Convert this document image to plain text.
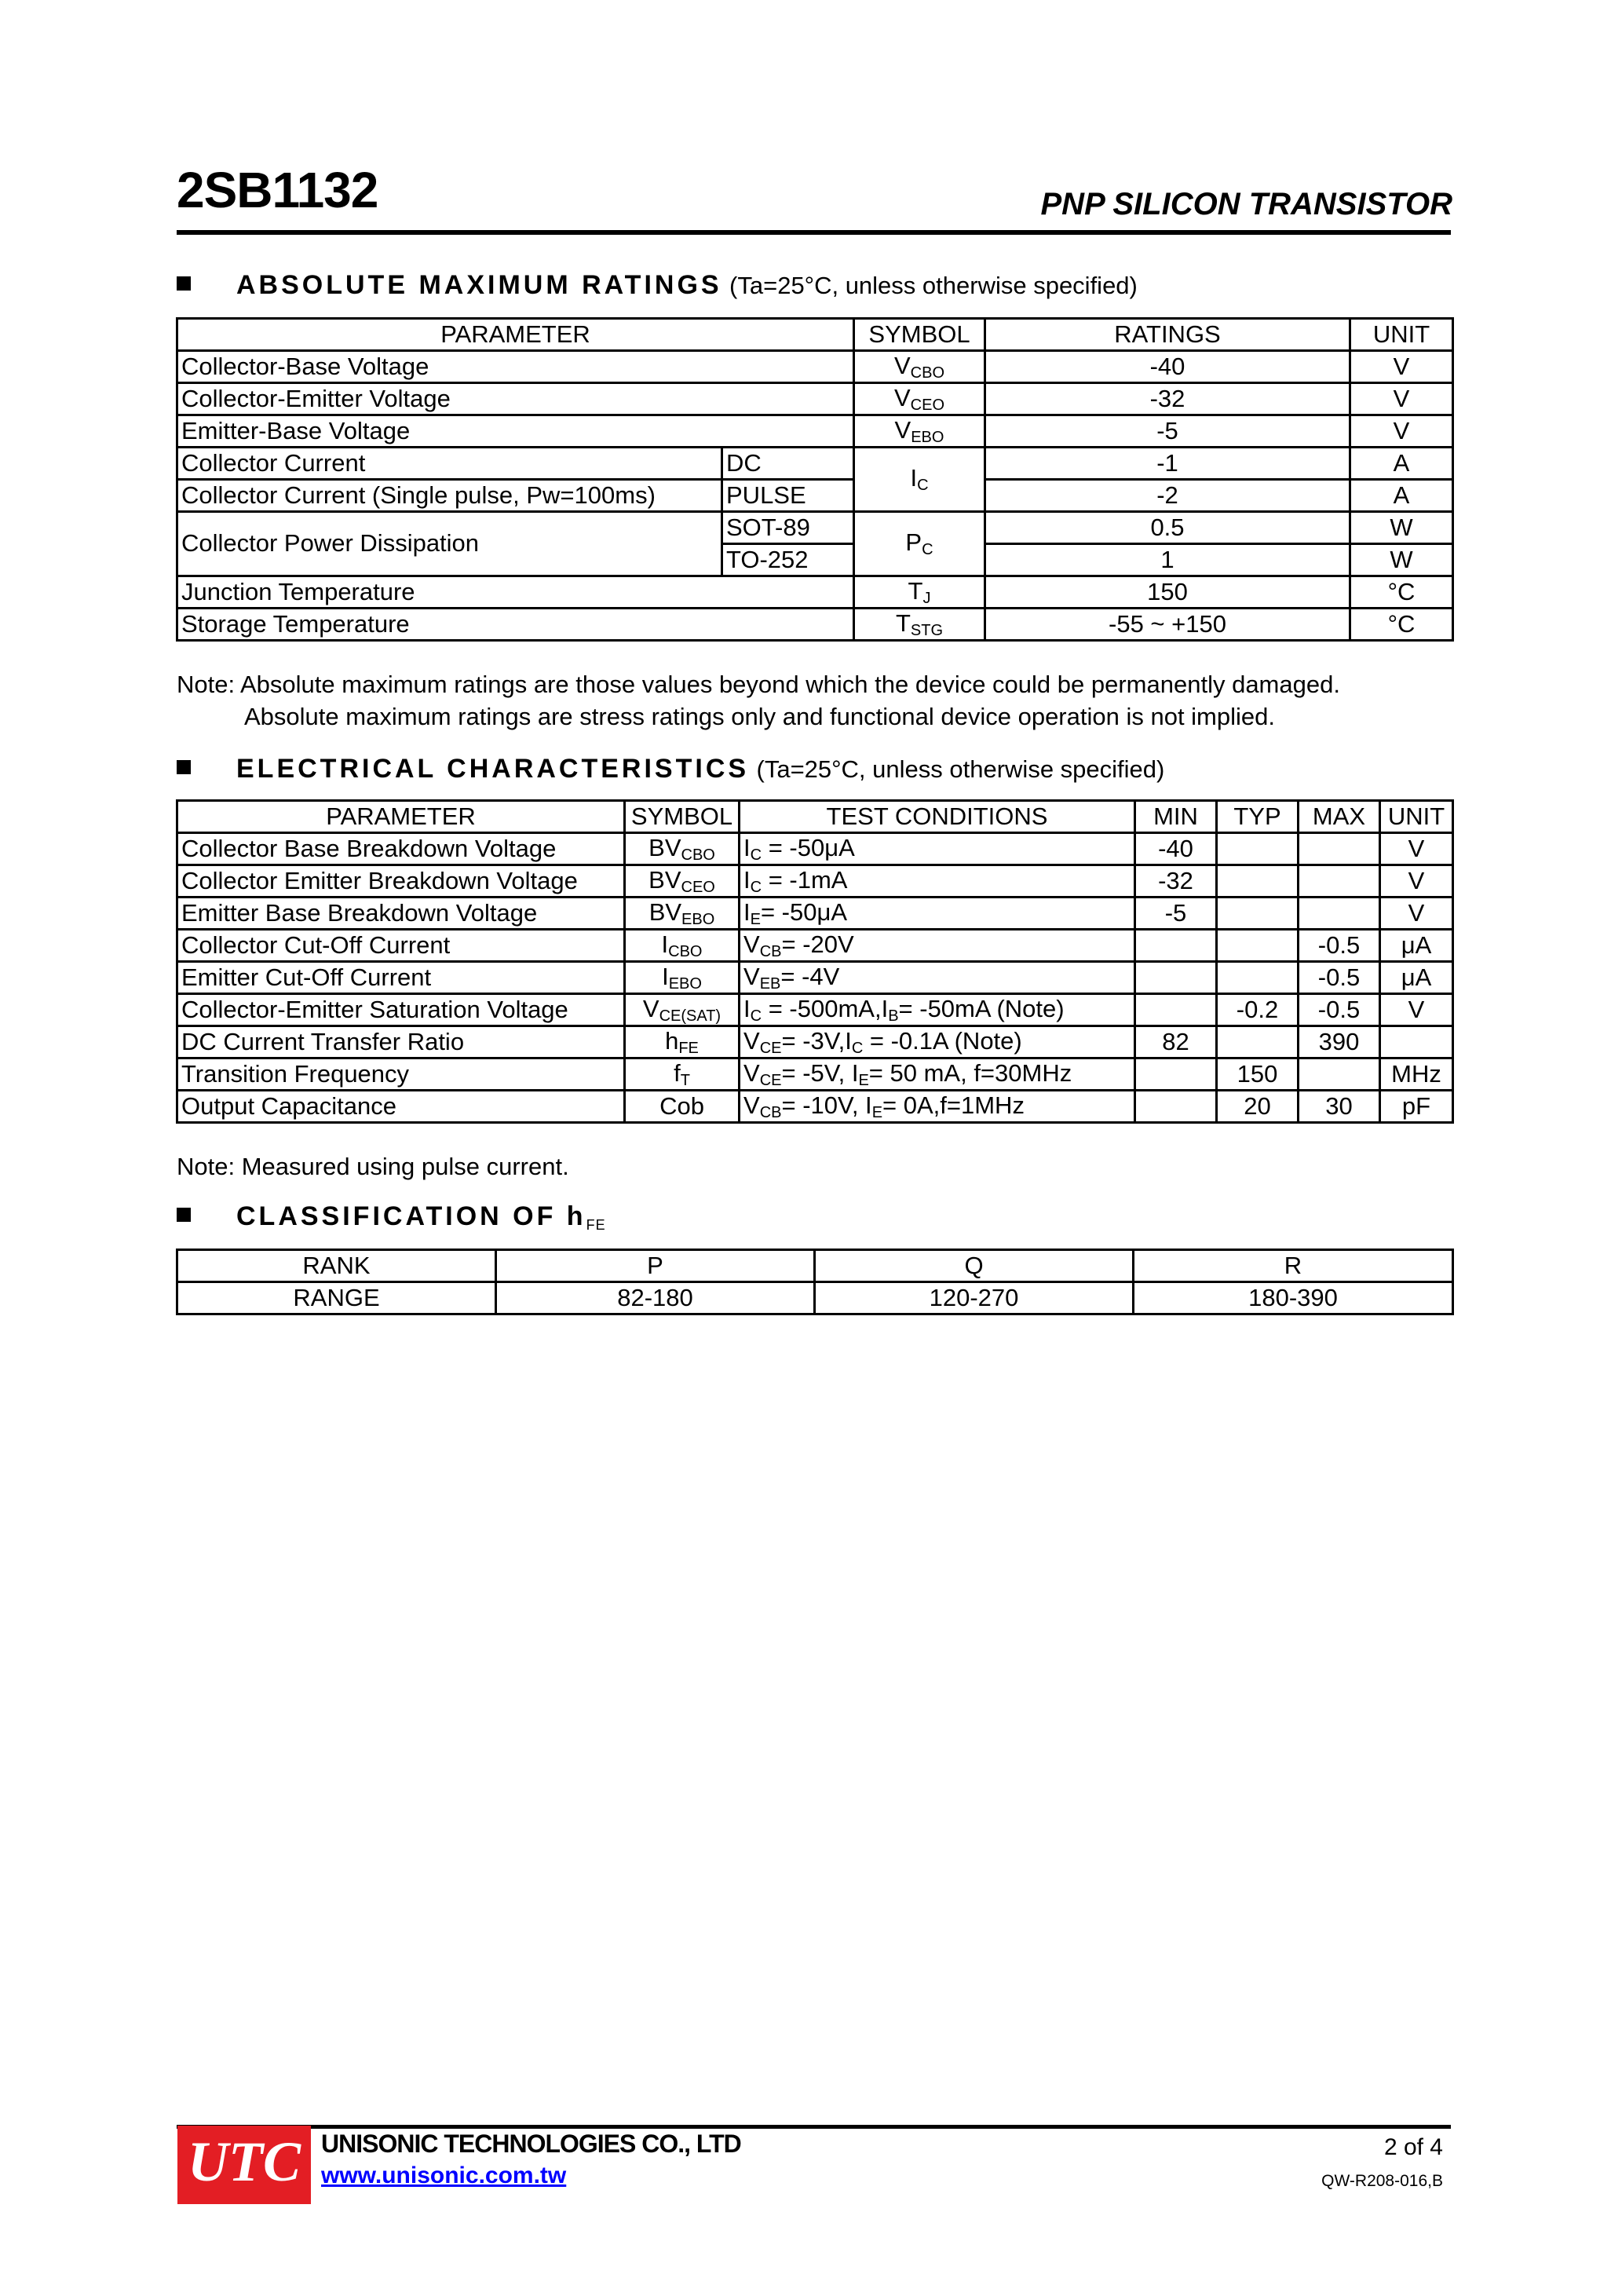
2SB1132	PNP SILICON TRANSISTOR
ABSOLUTE MAXIMUM RATINGS (Ta=25°C, unless otherwise specified)
PARAMETER		SYMBOL	RATINGS	UNIT
Collector-Base Voltage		$V_{CBO}$	-40	V
Collector-Emitter Voltage		$V_{CEO}$	-32	V
Emitter-Base Voltage		$V_{EBO}$	-5	V
Collector Current	DC	$I_C$	-1	A
Collector Current (Single pulse, Pw=100ms)	PULSE		-2	A
Collector Power Dissipation	SOT-89	$P_C$	0.5	W
	TO-252		1	W
Junction Temperature		$T_J$	150	°C
Storage Temperature		$T_{STG}$	-55 ~ +150	°C
Note: Absolute maximum ratings are those values beyond which the device could be permanently damaged.
Absolute maximum ratings are stress ratings only and functional device operation is not implied.
ELECTRICAL CHARACTERISTICS (Ta=25°C, unless otherwise specified)
PARAMETER	SYMBOL	TEST CONDITIONS	MIN	TYP	MAX	UNIT
Collector Base Breakdown Voltage	$BV_{CBO}$	$I_C = -50\mu A$	-40			V
Collector Emitter Breakdown Voltage	$BV_{CEO}$	$I_C = -1mA$	-32			V
Emitter Base Breakdown Voltage	$BV_{EBO}$	$I_E= -50\mu A$	-5			V
Collector Cut-Off Current	$I_{CBO}$	$V_{CB}= -20V$			-0.5	μA
Emitter Cut-Off Current	$I_{EBO}$	$V_{EB}= -4V$			-0.5	μA
Collector-Emitter Saturation Voltage	$V_{CE(SAT)}$	$I_C = -500mA,I_B= -50mA$ (Note)		-0.2	-0.5	V
DC Current Transfer Ratio	$h_{FE}$	$V_{CE}= -3V,I_C = -0.1A$ (Note)	82		390	
Transition Frequency	$f_T$	$V_{CE}= -5V$, $I_E= 50$ mA, f=30MHz		150		MHz
Output Capacitance	Cob	$V_{CB}= -10V$, $I_E= 0A,f=1MHz$		20	30	pF
Note: Measured using pulse current.
CLASSIFICATION OF $h_{FE}$
RANK	P	Q	R
RANGE	82-180	120-270	180-390
UTC UNISONIC TECHNOLOGIES CO., LTD
www.unisonic.com.tw
2 of 4
QW-R208-016,B
